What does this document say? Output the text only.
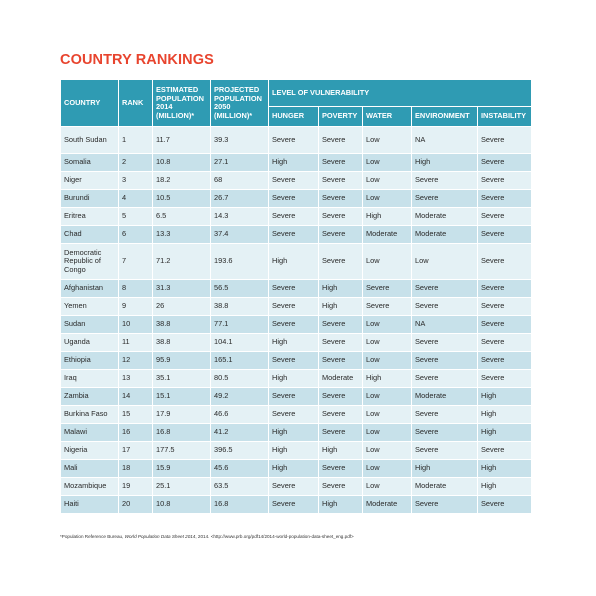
COUNTRY RANKINGS
COUNTRY	RANK	ESTIMATED POPULATION 2014 (MILLION)*	PROJECTED POPULATION 2050 (MILLION)*	LEVEL OF VULNERABILITY				
				HUNGER	POVERTY	WATER	ENVIRONMENT	INSTABILITY
South Sudan	1	11.7	39.3	Severe	Severe	Low	NA	Severe
Somalia	2	10.8	27.1	High	Severe	Low	High	Severe
Niger	3	18.2	68	Severe	Severe	Low	Severe	Severe
Burundi	4	10.5	26.7	Severe	Severe	Low	Severe	Severe
Eritrea	5	6.5	14.3	Severe	Severe	High	Moderate	Severe
Chad	6	13.3	37.4	Severe	Severe	Moderate	Moderate	Severe
Democratic Republic of Congo	7	71.2	193.6	High	Severe	Low	Low	Severe
Afghanistan	8	31.3	56.5	Severe	High	Severe	Severe	Severe
Yemen	9	26	38.8	Severe	High	Severe	Severe	Severe
Sudan	10	38.8	77.1	Severe	Severe	Low	NA	Severe
Uganda	11	38.8	104.1	High	Severe	Low	Severe	Severe
Ethiopia	12	95.9	165.1	Severe	Severe	Low	Severe	Severe
Iraq	13	35.1	80.5	High	Moderate	High	Severe	Severe
Zambia	14	15.1	49.2	Severe	Severe	Low	Moderate	High
Burkina Faso	15	17.9	46.6	Severe	Severe	Low	Severe	High
Malawi	16	16.8	41.2	High	Severe	Low	Severe	High
Nigeria	17	177.5	396.5	High	High	Low	Severe	Severe
Mali	18	15.9	45.6	High	Severe	Low	High	High
Mozambique	19	25.1	63.5	Severe	Severe	Low	Moderate	High
Haiti	20	10.8	16.8	Severe	High	Moderate	Severe	Severe
*Population Reference Bureau, World Population Data Sheet 2014, 2014. <http://www.prb.org/pdf14/2014-world-population-data-sheet_eng.pdf>
